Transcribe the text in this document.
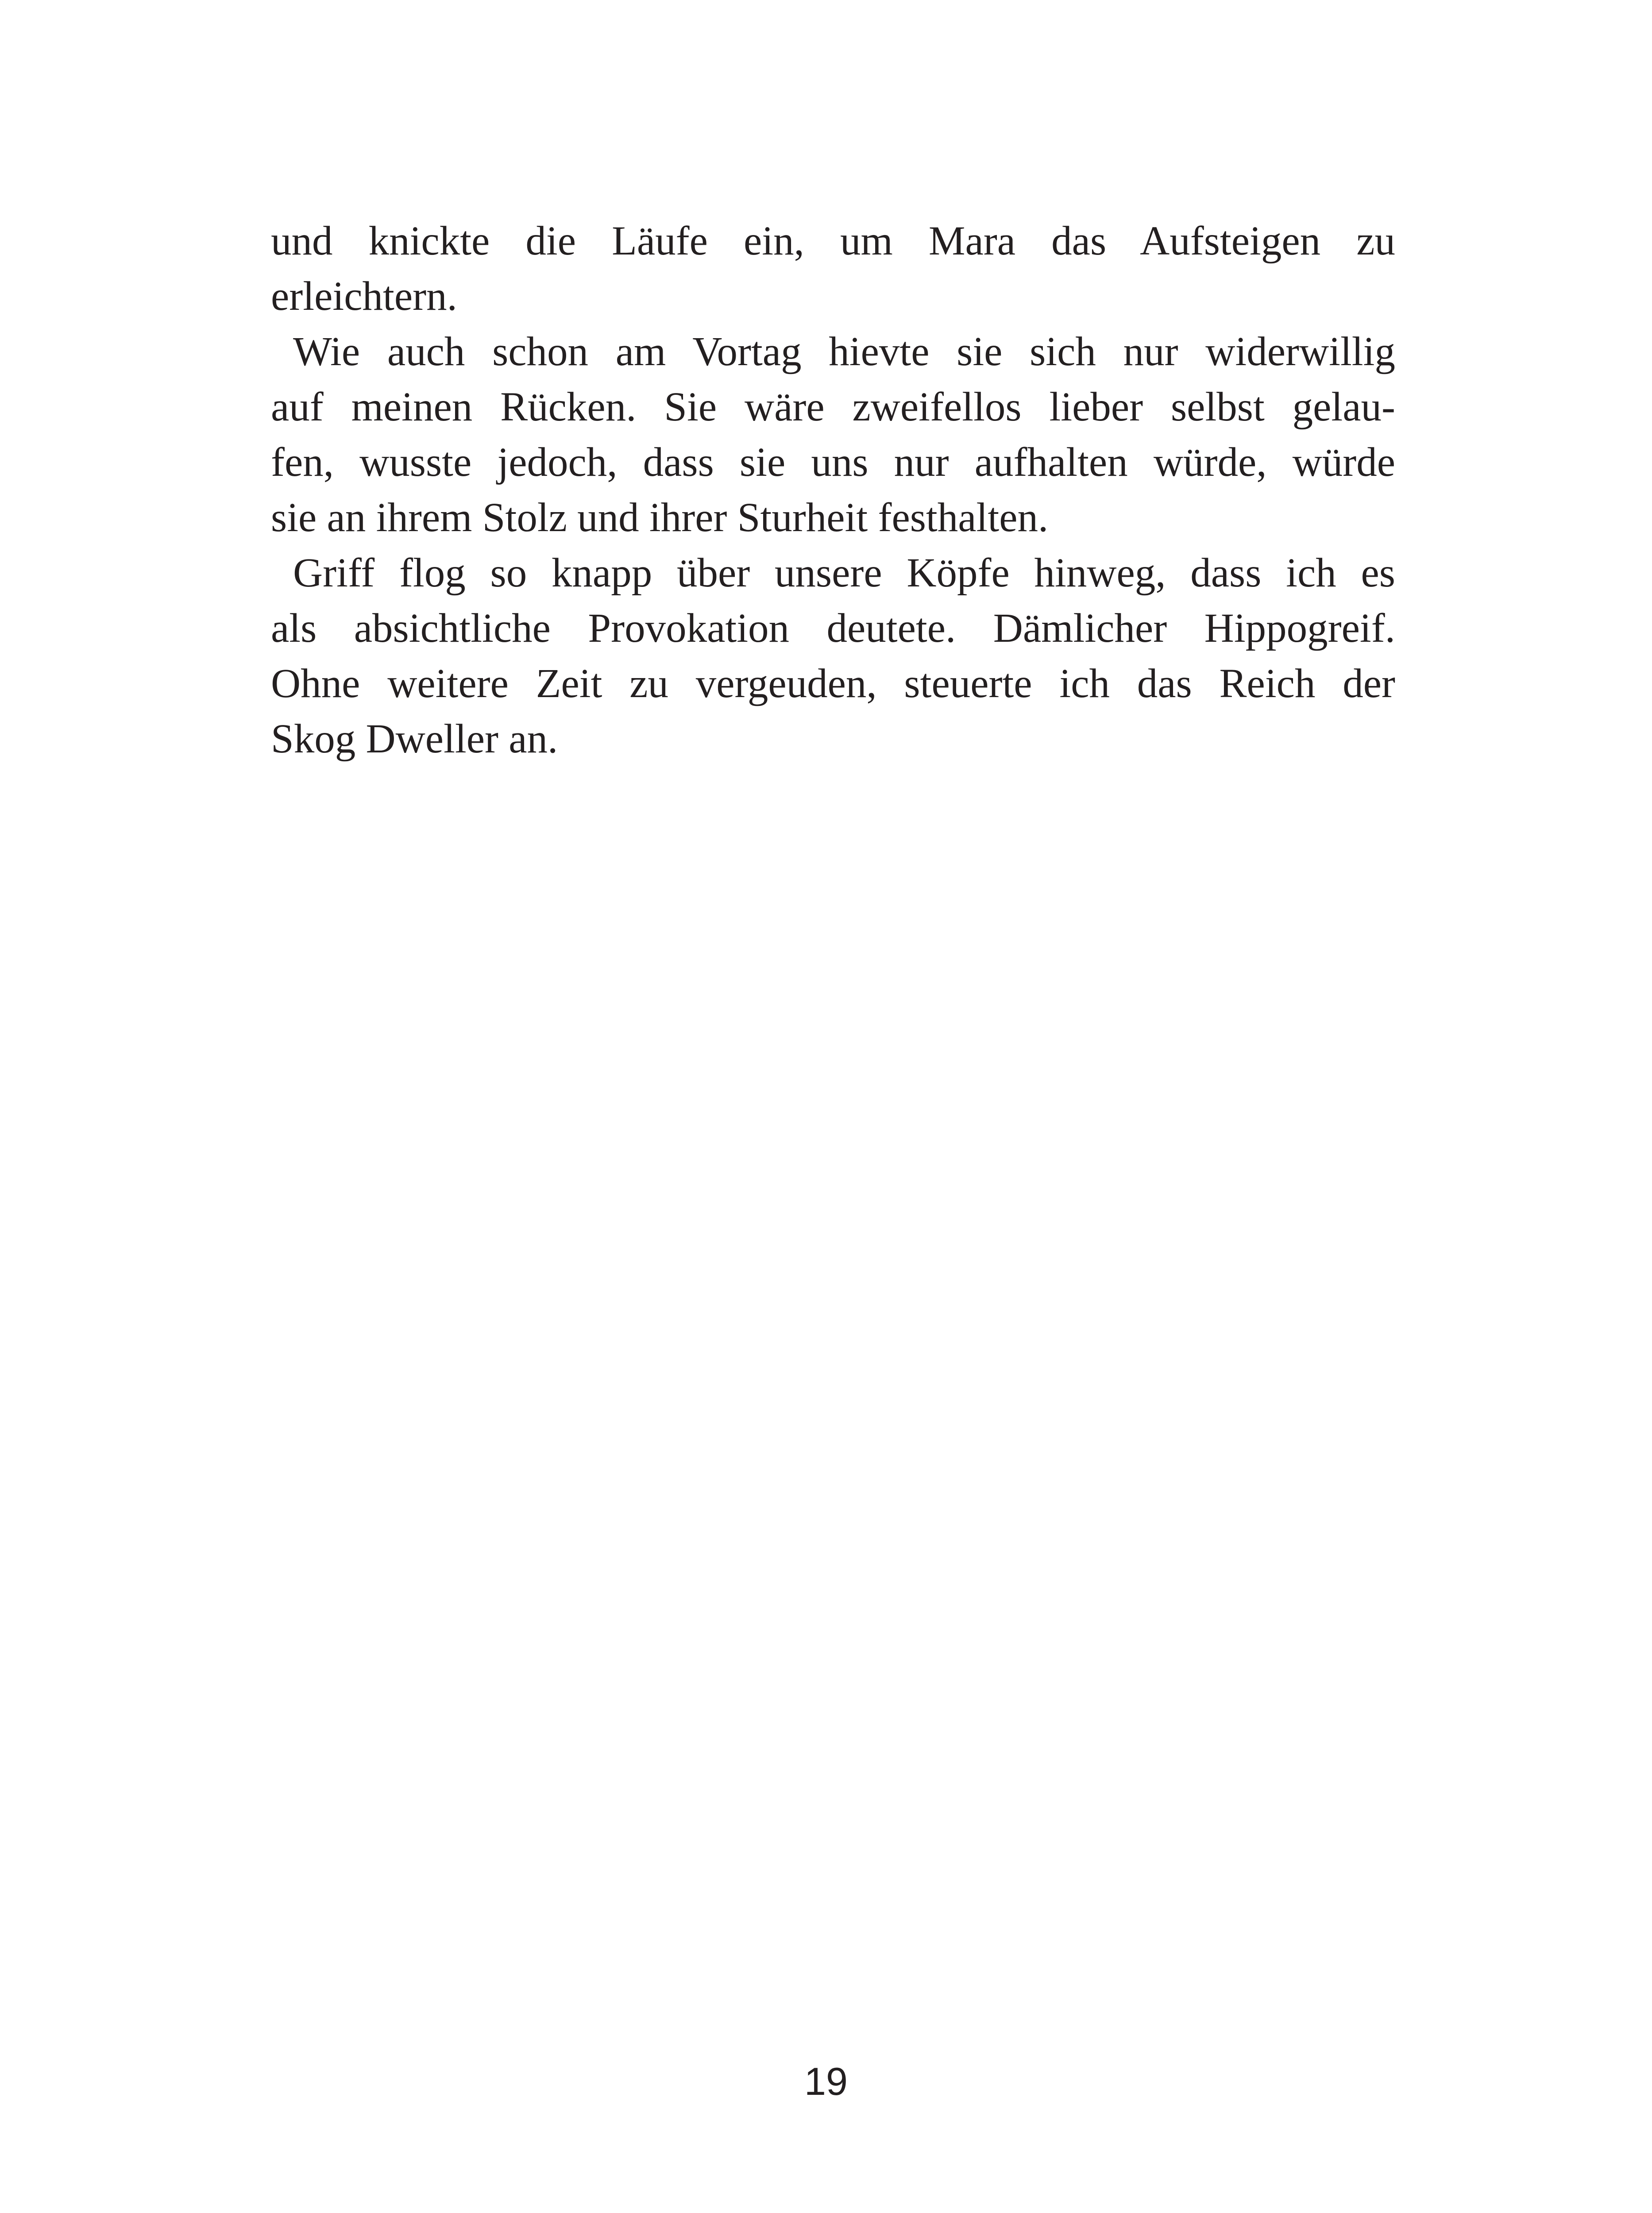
und knickte die Läufe ein, um Mara das Aufsteigen zu
erleichtern.
Wie auch schon am Vortag hievte sie sich nur widerwillig
auf meinen Rücken. Sie wäre zweifellos lieber selbst gelau-
fen, wusste jedoch, dass sie uns nur aufhalten würde, würde
sie an ihrem Stolz und ihrer Sturheit festhalten.
Griff flog so knapp über unsere Köpfe hinweg, dass ich es
als absichtliche Provokation deutete. Dämlicher Hippogreif.
Ohne weitere Zeit zu vergeuden, steuerte ich das Reich der
Skog Dweller an.
19
